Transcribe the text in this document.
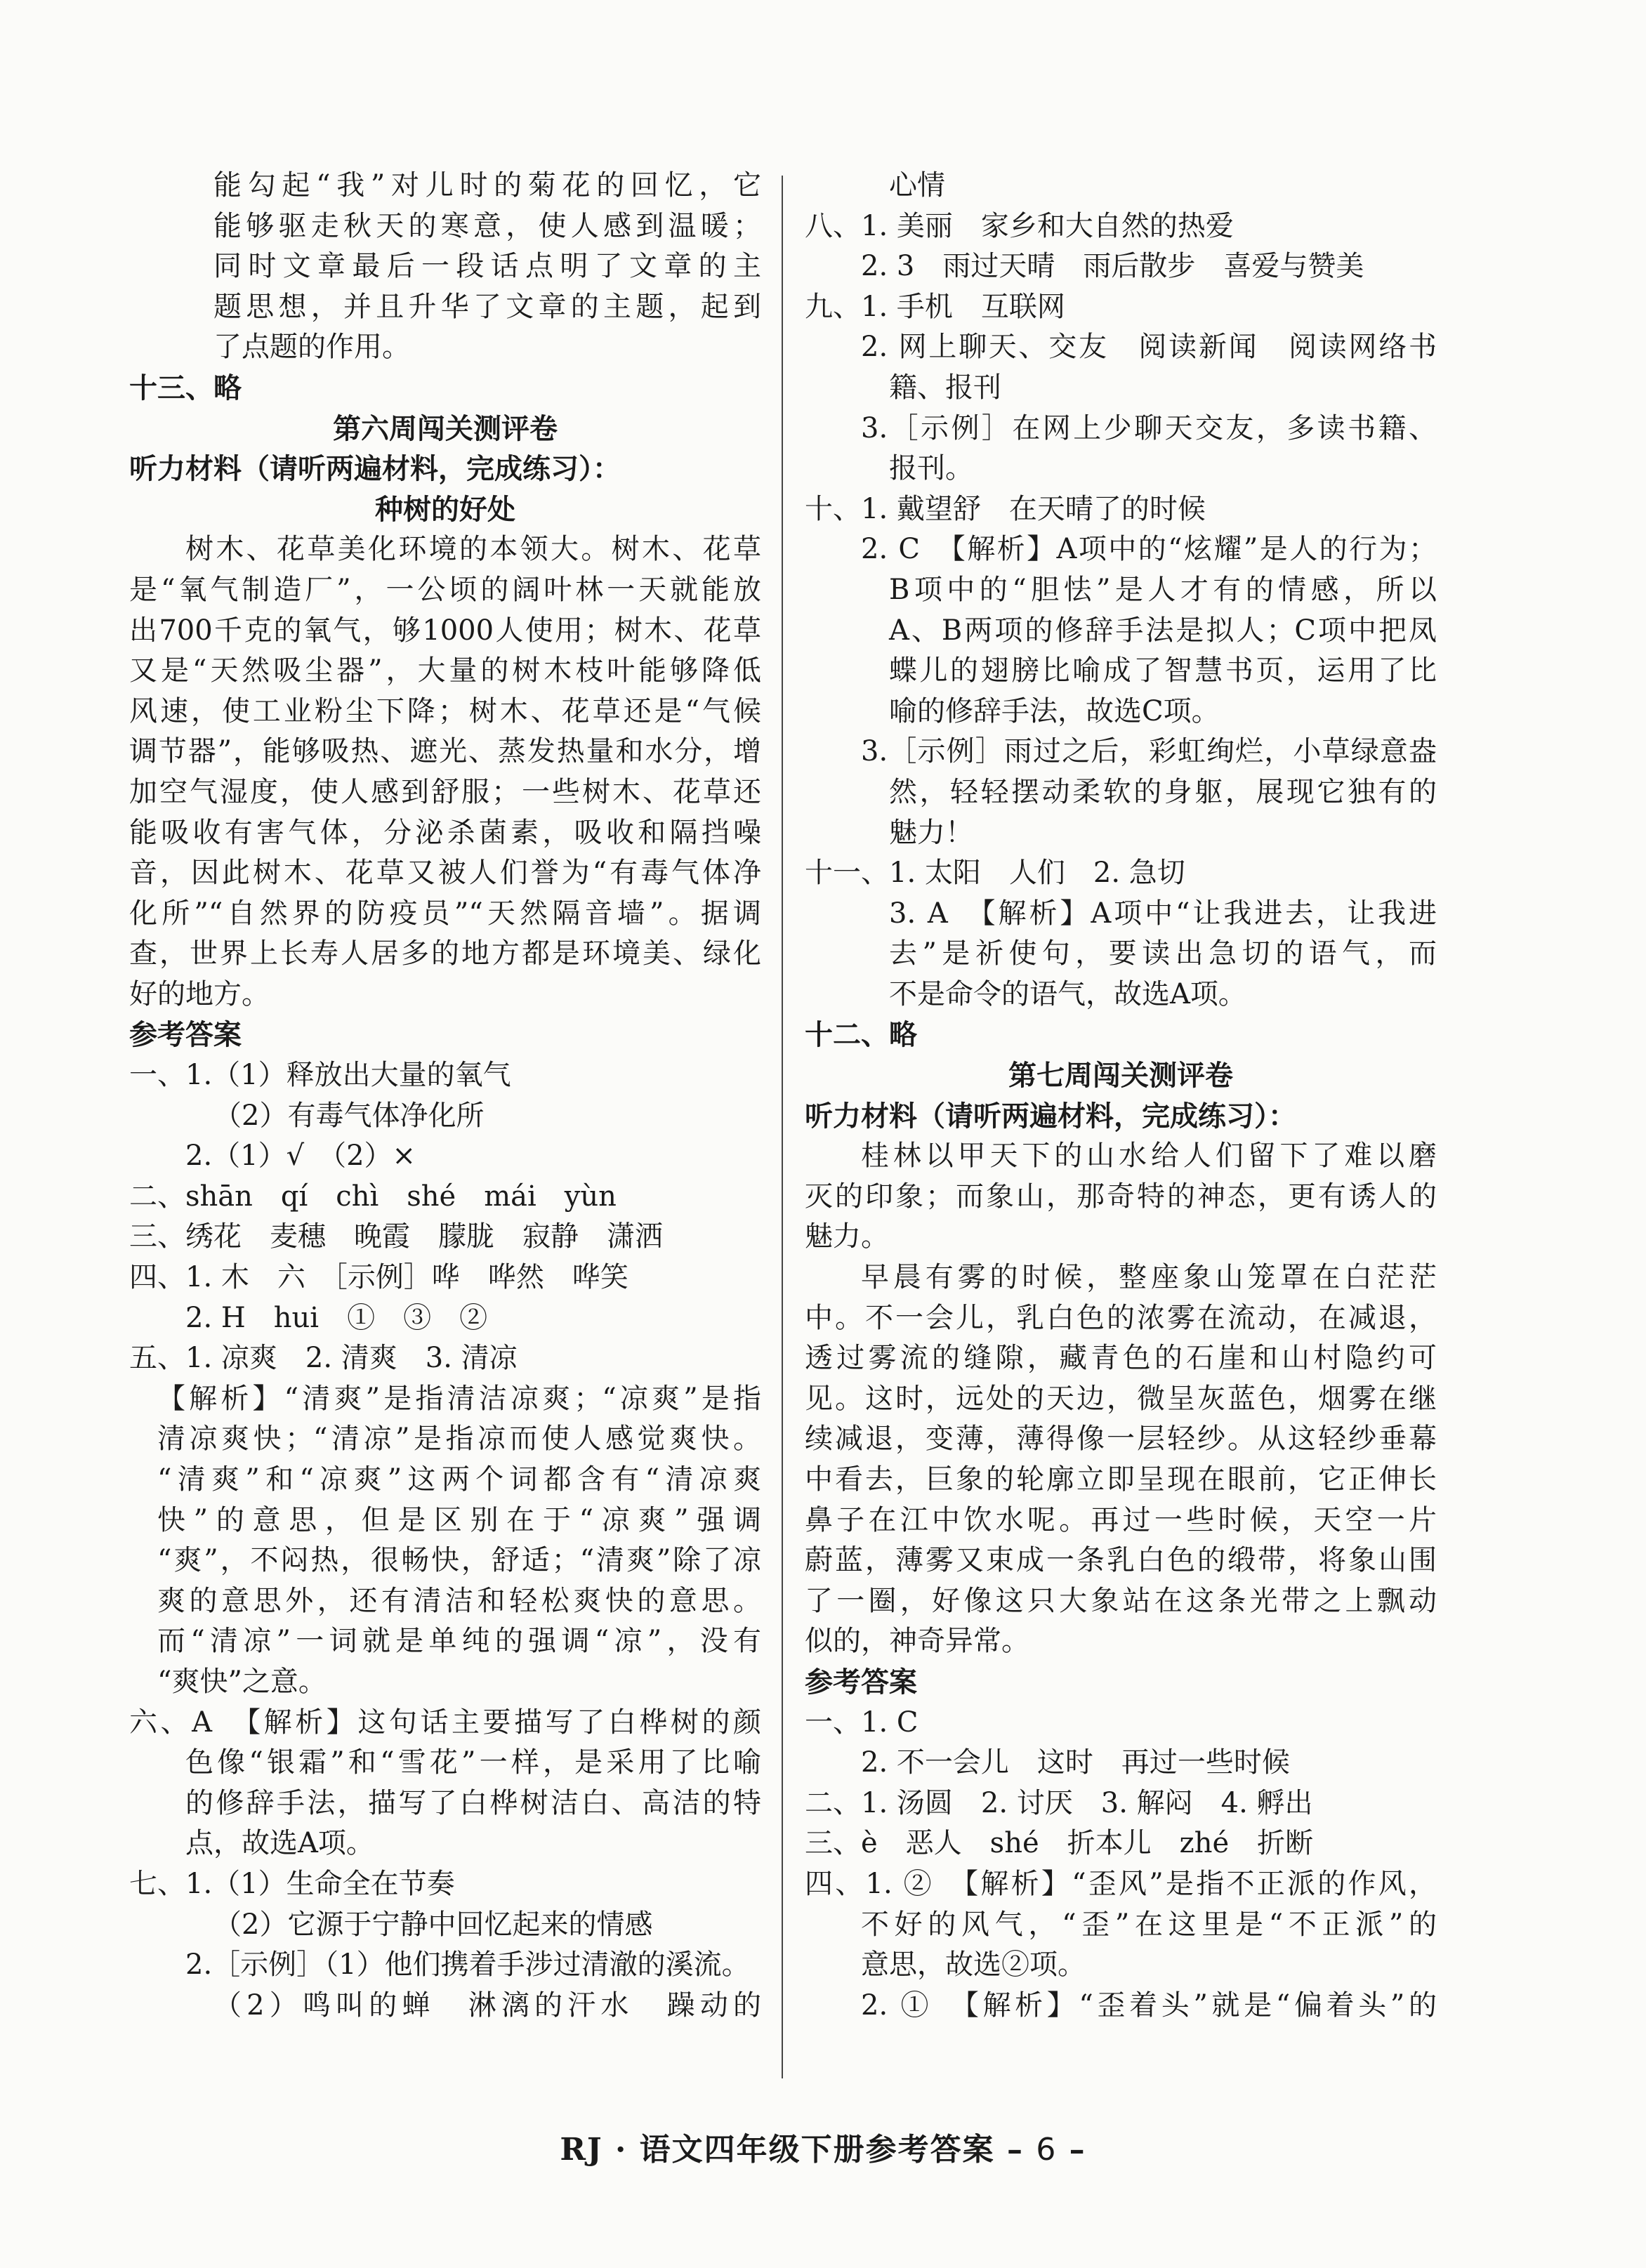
能勾起“我”对儿时的菊花的回忆，它
能够驱走秋天的寒意，使人感到温暖；
同时文章最后一段话点明了文章的主
题思想，并且升华了文章的主题，起到
了点题的作用。
十三、略
第六周闯关测评卷
听力材料（请听两遍材料，完成练习）：
种树的好处
树木、花草美化环境的本领大。树木、花草
是“氧气制造厂”，一公顷的阔叶林一天就能放
出700千克的氧气，够1000人使用；树木、花草
又是“天然吸尘器”，大量的树木枝叶能够降低
风速，使工业粉尘下降；树木、花草还是“气候
调节器”，能够吸热、遮光、蒸发热量和水分，增
加空气湿度，使人感到舒服；一些树木、花草还
能吸收有害气体，分泌杀菌素，吸收和隔挡噪
音，因此树木、花草又被人们誉为“有毒气体净
化所”“自然界的防疫员”“天然隔音墙”。据调
查，世界上长寿人居多的地方都是环境美、绿化
好的地方。
参考答案
一、1.（1）释放出大量的氧气
（2）有毒气体净化所
2.（1）√　（2）×
二、shān　qí　chì　shé　mái　yùn
三、绣花　麦穗　晚霞　朦胧　寂静　潇洒
四、1. 木　六　［示例］哗　哗然　哗笑
2. H　hui　①　③　②
五、1. 凉爽　2. 清爽　3. 清凉
【解析】“清爽”是指清洁凉爽；“凉爽”是指
清凉爽快；“清凉”是指凉而使人感觉爽快。
“清爽”和“凉爽”这两个词都含有“清凉爽
快”的意思，但是区别在于“凉爽”强调
“爽”，不闷热，很畅快，舒适；“清爽”除了凉
爽的意思外，还有清洁和轻松爽快的意思。
而“清凉”一词就是单纯的强调“凉”，没有
“爽快”之意。
六、A　【解析】这句话主要描写了白桦树的颜
色像“银霜”和“雪花”一样，是采用了比喻
的修辞手法，描写了白桦树洁白、高洁的特
点，故选A项。
七、1.（1）生命全在节奏
（2）它源于宁静中回忆起来的情感
2.［示例］（1）他们携着手涉过清澈的溪流。
（2）鸣叫的蝉　淋漓的汗水　躁动的
心情
八、1. 美丽　家乡和大自然的热爱
2. 3　雨过天晴　雨后散步　喜爱与赞美
九、1. 手机　互联网
2. 网上聊天、交友　阅读新闻　阅读网络书
籍、报刊
3.［示例］在网上少聊天交友，多读书籍、
报刊。
十、1. 戴望舒　在天晴了的时候
2. C　【解析】A项中的“炫耀”是人的行为；
B项中的“胆怯”是人才有的情感，所以
A、B两项的修辞手法是拟人；C项中把凤
蝶儿的翅膀比喻成了智慧书页，运用了比
喻的修辞手法，故选C项。
3.［示例］雨过之后，彩虹绚烂，小草绿意盎
然，轻轻摆动柔软的身躯，展现它独有的
魅力！
十一、1. 太阳　人们　2. 急切
3. A　【解析】A项中“让我进去，让我进
去”是祈使句，要读出急切的语气，而
不是命令的语气，故选A项。
十二、略
第七周闯关测评卷
听力材料（请听两遍材料，完成练习）：
桂林以甲天下的山水给人们留下了难以磨
灭的印象；而象山，那奇特的神态，更有诱人的
魅力。
早晨有雾的时候，整座象山笼罩在白茫茫
中。不一会儿，乳白色的浓雾在流动，在减退，
透过雾流的缝隙，藏青色的石崖和山村隐约可
见。这时，远处的天边，微呈灰蓝色，烟雾在继
续减退，变薄，薄得像一层轻纱。从这轻纱垂幕
中看去，巨象的轮廓立即呈现在眼前，它正伸长
鼻子在江中饮水呢。再过一些时候，天空一片
蔚蓝，薄雾又束成一条乳白色的缎带，将象山围
了一圈，好像这只大象站在这条光带之上飘动
似的，神奇异常。
参考答案
一、1. C
2. 不一会儿　这时　再过一些时候
二、1. 汤圆　2. 讨厌　3. 解闷　4. 孵出
三、è　恶人　shé　折本儿　zhé　折断
四、1. ②　【解析】“歪风”是指不正派的作风，
不好的风气，“歪”在这里是“不正派”的
意思，故选②项。
2. ①　【解析】“歪着头”就是“偏着头”的
RJ · 语文四年级下册参考答案 – 6 –
